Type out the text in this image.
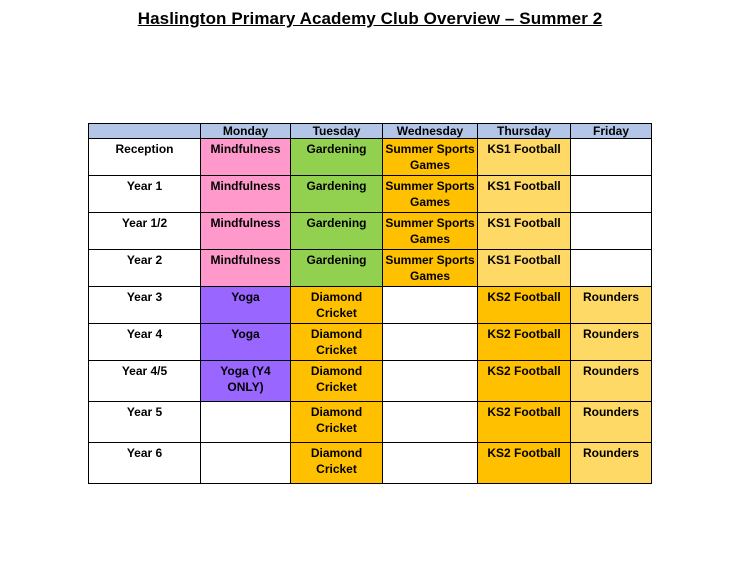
Haslington Primary Academy Club Overview – Summer 2
	Monday	Tuesday	Wednesday	Thursday	Friday
Reception	Mindfulness	Gardening	Summer Sports Games	KS1 Football	
Year 1	Mindfulness	Gardening	Summer Sports Games	KS1 Football	
Year 1/2	Mindfulness	Gardening	Summer Sports Games	KS1 Football	
Year 2	Mindfulness	Gardening	Summer Sports Games	KS1 Football	
Year 3	Yoga	Diamond Cricket		KS2 Football	Rounders
Year 4	Yoga	Diamond Cricket		KS2 Football	Rounders
Year 4/5	Yoga (Y4 ONLY)	Diamond Cricket		KS2 Football	Rounders
Year 5		Diamond Cricket		KS2 Football	Rounders
Year 6		Diamond Cricket		KS2 Football	Rounders
